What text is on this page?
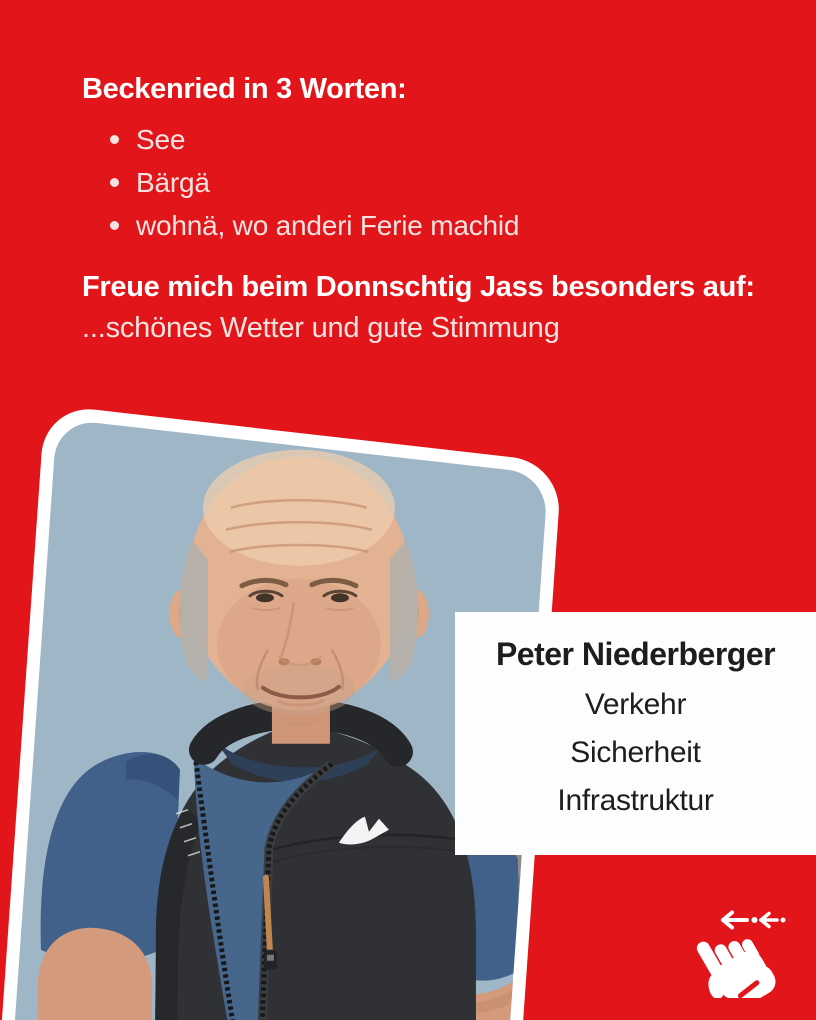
Beckenried in 3 Worten:
See
Bärgä
wohnä, wo anderi Ferie machid
Freue mich beim Donnschtig Jass besonders auf:

...schönes Wetter und gute Stimmung

Peter Niederberger

Verkehr

Sicherheit

Infrastruktur
